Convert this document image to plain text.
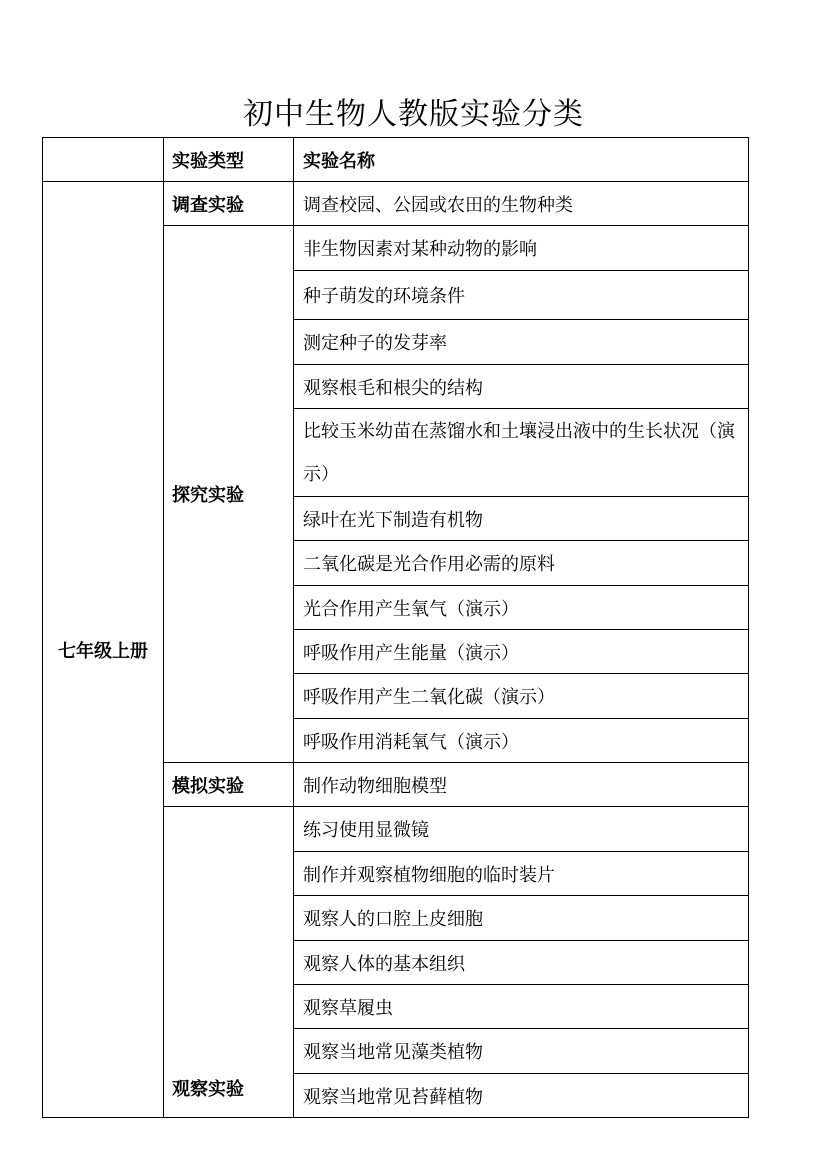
初中生物人教版实验分类
	实验类型	实验名称
七年级上册	调查实验	调查校园、公园或农田的生物种类
	探究实验	非生物因素对某种动物的影响
		种子萌发的环境条件
		测定种子的发芽率
		观察根毛和根尖的结构
		比较玉米幼苗在蒸馏水和土壤浸出液中的生长状况（演示）
		绿叶在光下制造有机物
		二氧化碳是光合作用必需的原料
		光合作用产生氧气（演示）
		呼吸作用产生能量（演示）
		呼吸作用产生二氧化碳（演示）
		呼吸作用消耗氧气（演示）
	模拟实验	制作动物细胞模型
	观察实验	练习使用显微镜
		制作并观察植物细胞的临时装片
		观察人的口腔上皮细胞
		观察人体的基本组织
		观察草履虫
		观察当地常见藻类植物
		观察当地常见苔藓植物
